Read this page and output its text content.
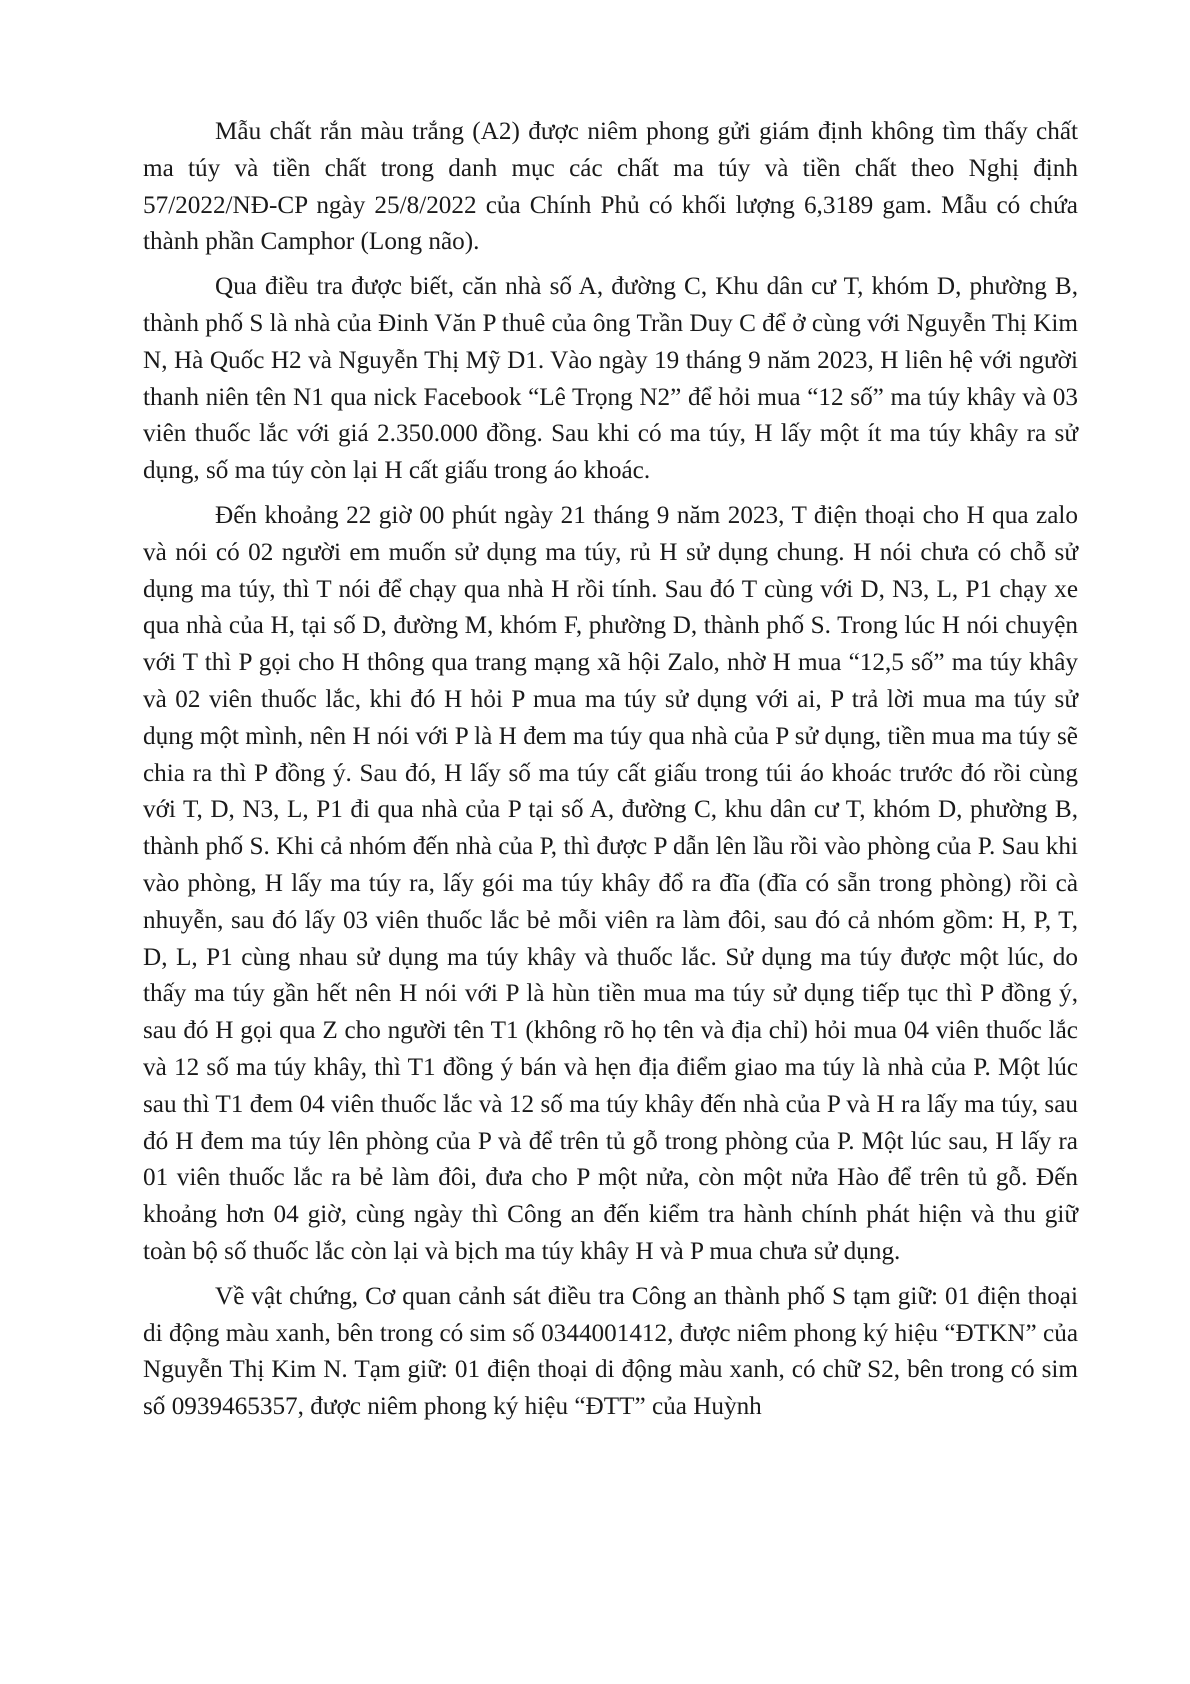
Mẫu chất rắn màu trắng (A2) được niêm phong gửi giám định không tìm thấy chất ma túy và tiền chất trong danh mục các chất ma túy và tiền chất theo Nghị định 57/2022/NĐ-CP ngày 25/8/2022 của Chính Phủ có khối lượng 6,3189 gam. Mẫu có chứa thành phần Camphor (Long não).

Qua điều tra được biết, căn nhà số A, đường C, Khu dân cư T, khóm D, phường B, thành phố S là nhà của Đinh Văn P thuê của ông Trần Duy C để ở cùng với Nguyễn Thị Kim N, Hà Quốc H2 và Nguyễn Thị Mỹ D1. Vào ngày 19 tháng 9 năm 2023, H liên hệ với người thanh niên tên N1 qua nick Facebook “Lê Trọng N2” để hỏi mua “12 số” ma túy khây và 03 viên thuốc lắc với giá 2.350.000 đồng. Sau khi có ma túy, H lấy một ít ma túy khây ra sử dụng, số ma túy còn lại H cất giấu trong áo khoác.

Đến khoảng 22 giờ 00 phút ngày 21 tháng 9 năm 2023, T điện thoại cho H qua zalo và nói có 02 người em muốn sử dụng ma túy, rủ H sử dụng chung. H nói chưa có chỗ sử dụng ma túy, thì T nói để chạy qua nhà H rồi tính. Sau đó T cùng với D, N3, L, P1 chạy xe qua nhà của H, tại số D, đường M, khóm F, phường D, thành phố S. Trong lúc H nói chuyện với T thì P gọi cho H thông qua trang mạng xã hội Zalo, nhờ H mua “12,5 số” ma túy khây và 02 viên thuốc lắc, khi đó H hỏi P mua ma túy sử dụng với ai, P trả lời mua ma túy sử dụng một mình, nên H nói với P là H đem ma túy qua nhà của P sử dụng, tiền mua ma túy sẽ chia ra thì P đồng ý. Sau đó, H lấy số ma túy cất giấu trong túi áo khoác trước đó rồi cùng với T, D, N3, L, P1 đi qua nhà của P tại số A, đường C, khu dân cư T, khóm D, phường B, thành phố S. Khi cả nhóm đến nhà của P, thì được P dẫn lên lầu rồi vào phòng của P. Sau khi vào phòng, H lấy ma túy ra, lấy gói ma túy khây đổ ra đĩa (đĩa có sẵn trong phòng) rồi cà nhuyễn, sau đó lấy 03 viên thuốc lắc bẻ mỗi viên ra làm đôi, sau đó cả nhóm gồm: H, P, T, D, L, P1 cùng nhau sử dụng ma túy khây và thuốc lắc. Sử dụng ma túy được một lúc, do thấy ma túy gần hết nên H nói với P là hùn tiền mua ma túy sử dụng tiếp tục thì P đồng ý, sau đó H gọi qua Z cho người tên T1 (không rõ họ tên và địa chỉ) hỏi mua 04 viên thuốc lắc và 12 số ma túy khây, thì T1 đồng ý bán và hẹn địa điểm giao ma túy là nhà của P. Một lúc sau thì T1 đem 04 viên thuốc lắc và 12 số ma túy khây đến nhà của P và H ra lấy ma túy, sau đó H đem ma túy lên phòng của P và để trên tủ gỗ trong phòng của P. Một lúc sau, H lấy ra 01 viên thuốc lắc ra bẻ làm đôi, đưa cho P một nửa, còn một nửa Hào để trên tủ gỗ. Đến khoảng hơn 04 giờ, cùng ngày thì Công an đến kiểm tra hành chính phát hiện và thu giữ toàn bộ số thuốc lắc còn lại và bịch ma túy khây H và P mua chưa sử dụng.

Về vật chứng, Cơ quan cảnh sát điều tra Công an thành phố S tạm giữ: 01 điện thoại di động màu xanh, bên trong có sim số 0344001412, được niêm phong ký hiệu “ĐTKN” của Nguyễn Thị Kim N. Tạm giữ: 01 điện thoại di động màu xanh, có chữ S2, bên trong có sim số 0939465357, được niêm phong ký hiệu “ĐTT” của Huỳnh
